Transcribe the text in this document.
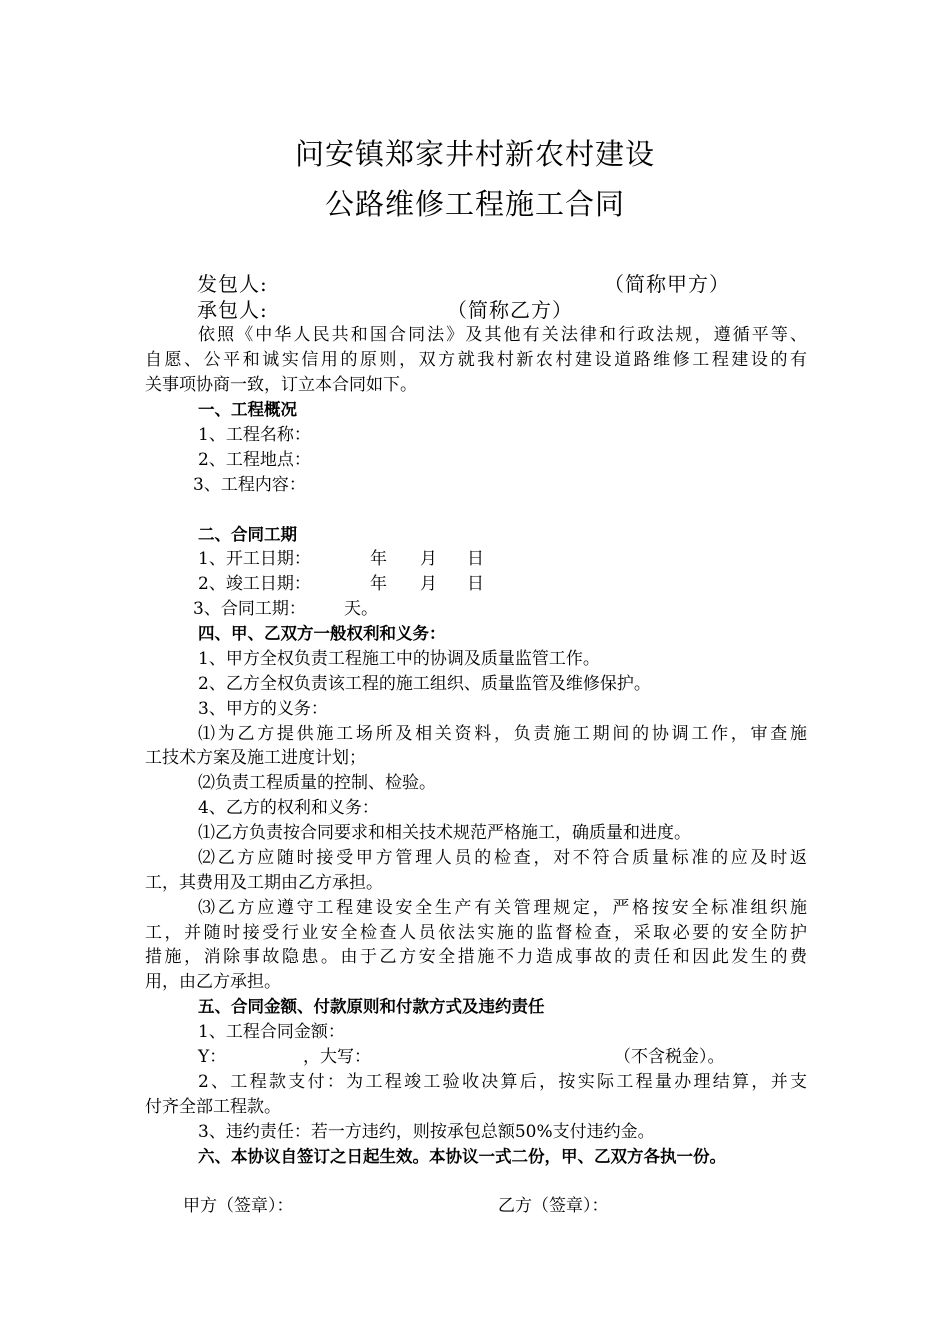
问安镇郑家井村新农村建设
公路维修工程施工合同
发包人:	（简称甲方）
承包人:	（简称乙方）
依照《中华人民共和国合同法》及其他有关法律和行政法规，遵循平等、
自愿、公平和诚实信用的原则，双方就我村新农村建设道路维修工程建设的有
关事项协商一致，订立本合同如下。
一、工程概况
1、工程名称：
2、工程地点：
3、工程内容：
二、合同工期
1、开工日期：	年 月 日
2、竣工日期：	年 月 日
3、合同工期： 天。
四、甲、乙双方一般权利和义务：
1、甲方全权负责工程施工中的协调及质量监管工作。
2、乙方全权负责该工程的施工组织、质量监管及维修保护。
3、甲方的义务：
⑴为乙方提供施工场所及相关资料，负责施工期间的协调工作，审查施
工技术方案及施工进度计划；
⑵负责工程质量的控制、检验。
4、乙方的权利和义务：
⑴乙方负责按合同要求和相关技术规范严格施工，确质量和进度。
⑵乙方应随时接受甲方管理人员的检查，对不符合质量标准的应及时返
工，其费用及工期由乙方承担。
⑶乙方应遵守工程建设安全生产有关管理规定，严格按安全标准组织施
工，并随时接受行业安全检查人员依法实施的监督检查，采取必要的安全防护
措施，消除事故隐患。由于乙方安全措施不力造成事故的责任和因此发生的费
用，由乙方承担。
五、合同金额、付款原则和付款方式及违约责任
1、工程合同金额：
Y：	，大写：	（不含税金）。
2、工程款支付：为工程竣工验收决算后，按实际工程量办理结算，并支
付齐全部工程款。
3、违约责任：若一方违约，则按承包总额50%支付违约金。
六、本协议自签订之日起生效。本协议一式二份，甲、乙双方各执一份。
甲方（签章）：	乙方（签章）：
